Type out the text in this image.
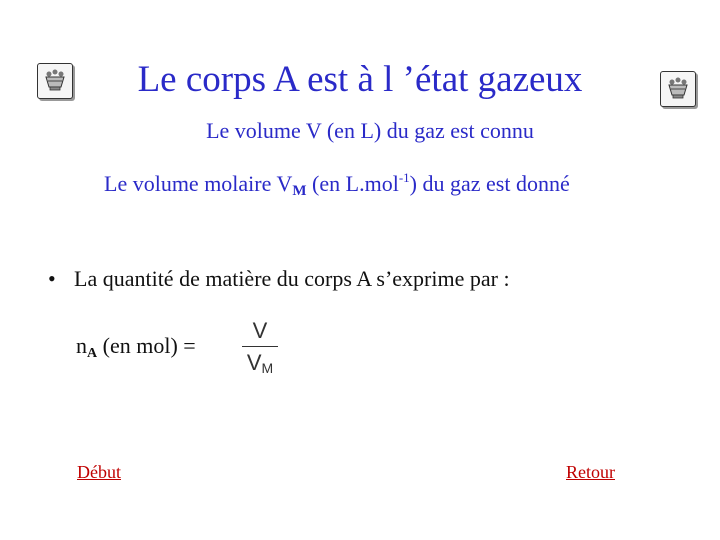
Le corps A est à l ’état gazeux
Le volume V (en L) du gaz est connu
Le volume molaire $V_M$ (en L.mol$^{-1}$) du gaz est donné
• La quantité de matière du corps A s’exprime par :
$n_A$ (en mol) =
V
VM
Début	Retour
